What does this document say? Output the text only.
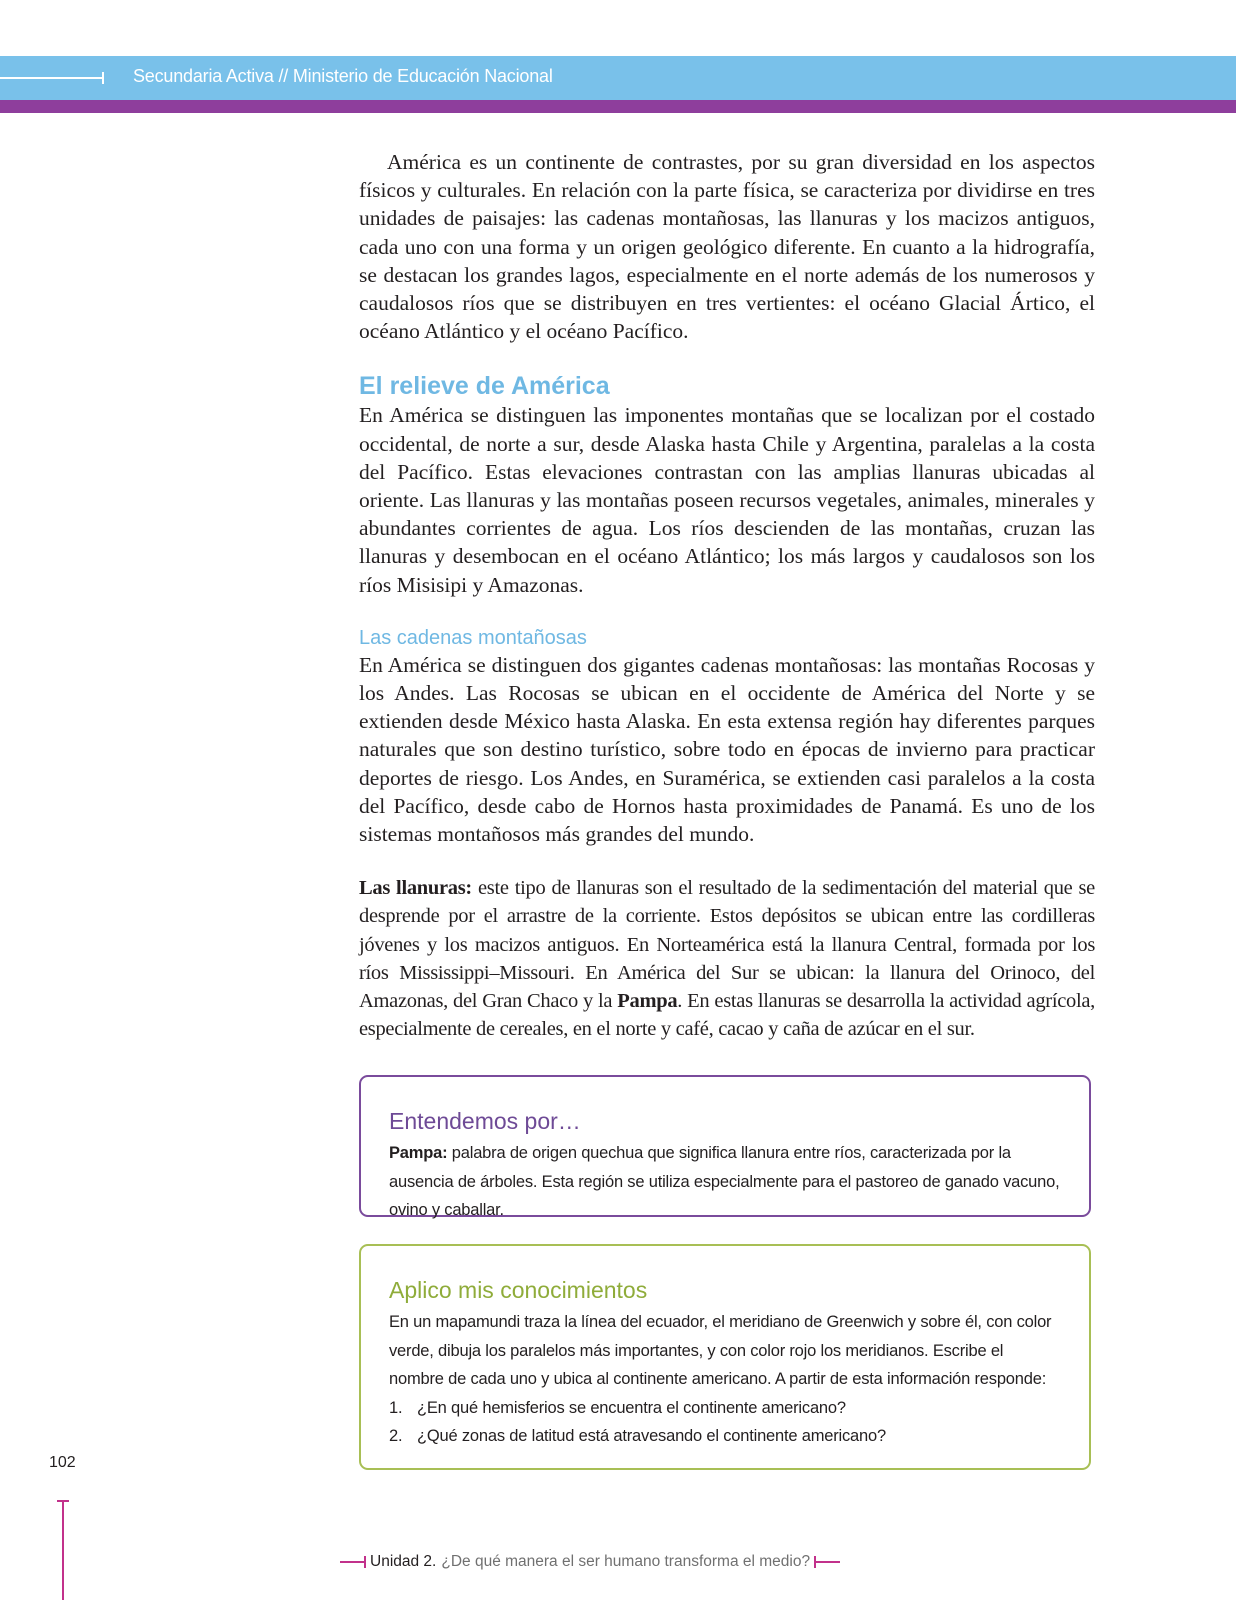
Secundaria Activa // Ministerio de Educación Nacional

América es un continente de contrastes, por su gran diversidad en los aspectos físicos y culturales. En relación con la parte física, se caracteriza por dividirse en tres unidades de paisajes: las cadenas montañosas, las llanuras y los macizos antiguos, cada uno con una forma y un origen geológico diferente. En cuanto a la hidrografía, se destacan los grandes lagos, especialmente en el norte además de los numerosos y caudalosos ríos que se distribuyen en tres vertientes: el océano Glacial Ártico, el océano Atlántico y el océano Pacífico.

El relieve de América

En América se distinguen las imponentes montañas que se localizan por el costado occidental, de norte a sur, desde Alaska hasta Chile y Argentina, paralelas a la costa del Pacífico. Estas elevaciones contrastan con las amplias llanuras ubicadas al oriente. Las llanuras y las montañas poseen recursos vegetales, animales, minerales y abundantes corrientes de agua. Los ríos descienden de las montañas, cruzan las llanuras y desembocan en el océano Atlántico; los más largos y caudalosos son los ríos Misisipi y Amazonas.

Las cadenas montañosas

En América se distinguen dos gigantes cadenas montañosas: las montañas Rocosas y los Andes. Las Rocosas se ubican en el occidente de América del Norte y se extienden desde México hasta Alaska. En esta extensa región hay diferentes parques naturales que son destino turístico, sobre todo en épocas de invierno para practicar deportes de riesgo. Los Andes, en Suramérica, se extienden casi paralelos a la costa del Pacífico, desde cabo de Hornos hasta proximidades de Panamá. Es uno de los sistemas montañosos más grandes del mundo.

Las llanuras: este tipo de llanuras son el resultado de la sedimentación del material que se desprende por el arrastre de la corriente. Estos depósitos se ubican entre las cordilleras jóvenes y los macizos antiguos. En Norteamérica está la llanura Central, formada por los ríos Mississippi–Missouri. En América del Sur se ubican: la llanura del Orinoco, del Amazonas, del Gran Chaco y la Pampa. En estas llanuras se desarrolla la actividad agrícola, especialmente de cereales, en el norte y café, cacao y caña de azúcar en el sur.

Entendemos por…

Pampa: palabra de origen quechua que significa llanura entre ríos, caracterizada por la ausencia de árboles. Esta región se utiliza especialmente para el pastoreo de ganado vacuno, ovino y caballar.

Aplico mis conocimientos

En un mapamundi traza la línea del ecuador, el meridiano de Greenwich y sobre él, con color verde, dibuja los paralelos más importantes, y con color rojo los meridianos. Escribe el nombre de cada uno y ubica al continente americano. A partir de esta información responde:

1. ¿En qué hemisferios se encuentra el continente americano?
2. ¿Qué zonas de latitud está atravesando el continente americano?
102
Unidad 2. ¿De qué manera el ser humano transforma el medio?
